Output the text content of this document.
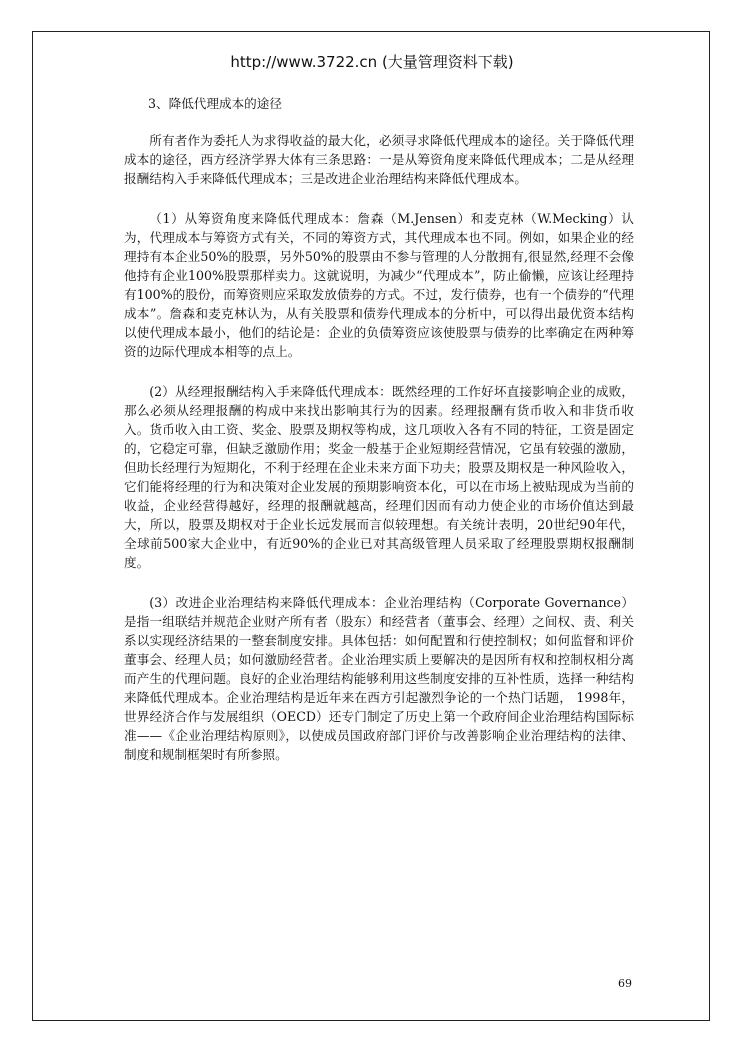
http://www.3722.cn (大量管理资料下载)
3、降低代理成本的途径

所有者作为委托人为求得收益的最大化，必须寻求降低代理成本的途径。关于降低代理成本的途径，西方经济学界大体有三条思路：一是从筹资角度来降低代理成本；二是从经理报酬结构入手来降低代理成本；三是改进企业治理结构来降低代理成本。

（1）从筹资角度来降低代理成本：詹森（M.Jensen）和麦克林（W.Mecking）认为，代理成本与筹资方式有关，不同的筹资方式，其代理成本也不同。例如，如果企业的经理持有本企业50%的股票，另外50%的股票由不参与管理的人分散拥有,很显然,经理不会像他持有企业100%股票那样卖力。这就说明，为减少“代理成本”，防止偷懒，应该让经理持有100%的股份，而筹资则应采取发放债券的方式。不过，发行债券，也有一个债券的“代理成本”。詹森和麦克林认为，从有关股票和债券代理成本的分析中，可以得出最优资本结构以使代理成本最小，他们的结论是：企业的负债筹资应该使股票与债券的比率确定在两种筹资的边际代理成本相等的点上。

(2）从经理报酬结构入手来降低代理成本：既然经理的工作好坏直接影响企业的成败，那么必须从经理报酬的构成中来找出影响其行为的因素。经理报酬有货币收入和非货币收入。货币收入由工资、奖金、股票及期权等构成，这几项收入各有不同的特征，工资是固定的，它稳定可靠，但缺乏激励作用；奖金一般基于企业短期经营情况，它虽有较强的激励，但助长经理行为短期化，不利于经理在企业未来方面下功夫；股票及期权是一种风险收入，它们能将经理的行为和决策对企业发展的预期影响资本化，可以在市场上被贴现成为当前的收益，企业经营得越好，经理的报酬就越高，经理们因而有动力使企业的市场价值达到最大，所以，股票及期权对于企业长远发展而言似较理想。有关统计表明，20世纪90年代，全球前500家大企业中，有近90%的企业已对其高级管理人员采取了经理股票期权报酬制度。

(3）改进企业治理结构来降低代理成本：企业治理结构（Corporate Governance）是指一组联结并规范企业财产所有者（股东）和经营者（董事会、经理）之间权、责、利关系以实现经济结果的一整套制度安排。具体包括：如何配置和行使控制权；如何监督和评价董事会、经理人员；如何激励经营者。企业治理实质上要解决的是因所有权和控制权相分离而产生的代理问题。良好的企业治理结构能够利用这些制度安排的互补性质，选择一种结构来降低代理成本。企业治理结构是近年来在西方引起激烈争论的一个热门话题， 1998年，世界经济合作与发展组织（OECD）还专门制定了历史上第一个政府间企业治理结构国际标准——《企业治理结构原则》，以使成员国政府部门评价与改善影响企业治理结构的法律、制度和规制框架时有所参照。

69
